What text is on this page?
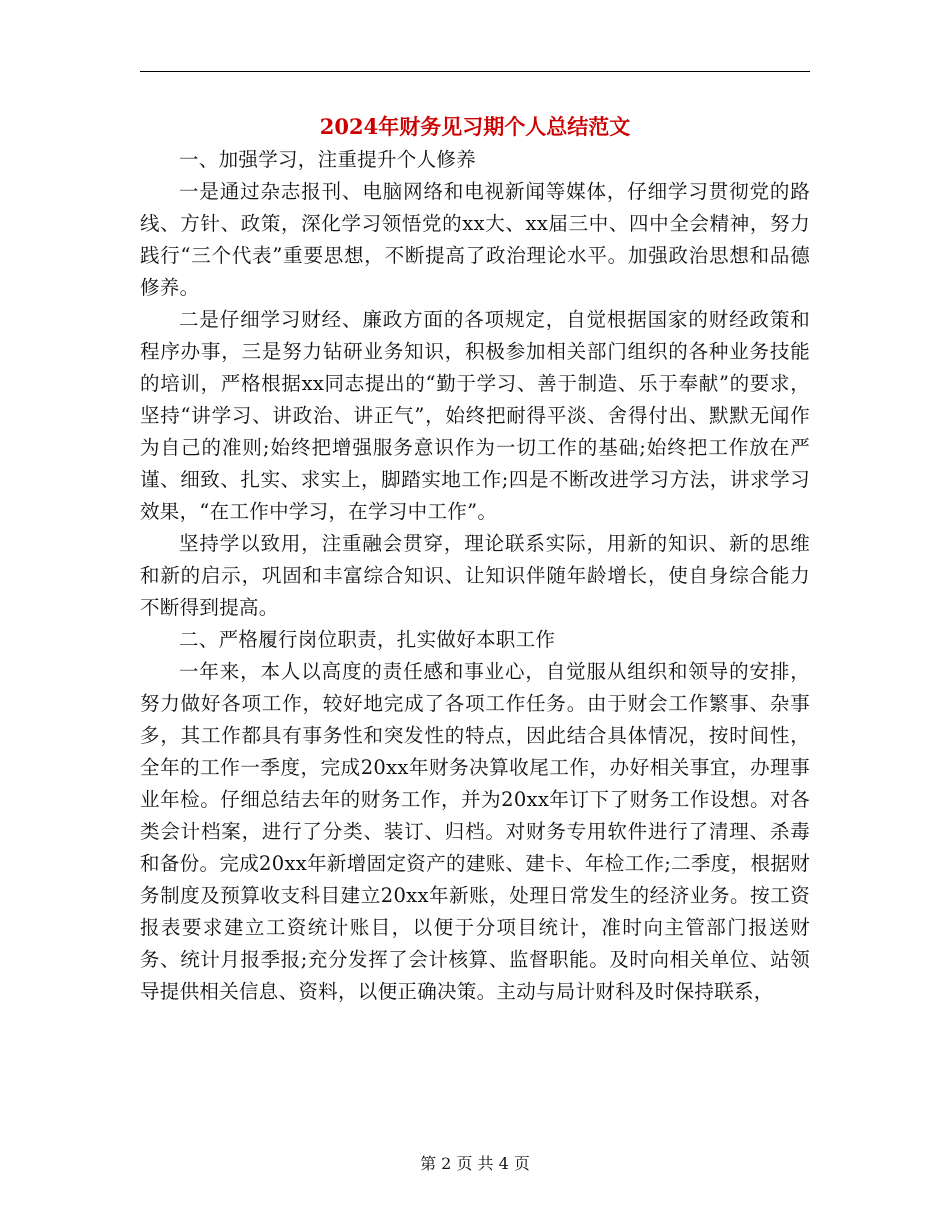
2024年财务见习期个人总结范文

一、加强学习，注重提升个人修养

一是通过杂志报刊、电脑网络和电视新闻等媒体，仔细学习贯彻党的路线、方针、政策，深化学习领悟党的xx大、xx届三中、四中全会精神，努力践行“三个代表”重要思想，不断提高了政治理论水平。加强政治思想和品德修养。

二是仔细学习财经、廉政方面的各项规定，自觉根据国家的财经政策和程序办事，三是努力钻研业务知识，积极参加相关部门组织的各种业务技能的培训，严格根据xx同志提出的“勤于学习、善于制造、乐于奉献”的要求，坚持“讲学习、讲政治、讲正气”，始终把耐得平淡、舍得付出、默默无闻作为自己的准则;始终把增强服务意识作为一切工作的基础;始终把工作放在严谨、细致、扎实、求实上，脚踏实地工作;四是不断改进学习方法，讲求学习效果，“在工作中学习，在学习中工作”。

坚持学以致用，注重融会贯穿，理论联系实际，用新的知识、新的思维和新的启示，巩固和丰富综合知识、让知识伴随年龄增长，使自身综合能力不断得到提高。

二、严格履行岗位职责，扎实做好本职工作

一年来，本人以高度的责任感和事业心，自觉服从组织和领导的安排，努力做好各项工作，较好地完成了各项工作任务。由于财会工作繁事、杂事多，其工作都具有事务性和突发性的特点，因此结合具体情况，按时间性，全年的工作一季度，完成20xx年财务决算收尾工作，办好相关事宜，办理事业年检。仔细总结去年的财务工作，并为20xx年订下了财务工作设想。对各类会计档案，进行了分类、装订、归档。对财务专用软件进行了清理、杀毒和备份。完成20xx年新增固定资产的建账、建卡、年检工作;二季度，根据财务制度及预算收支科目建立20xx年新账，处理日常发生的经济业务。按工资报表要求建立工资统计账目，以便于分项目统计，准时向主管部门报送财务、统计月报季报;充分发挥了会计核算、监督职能。及时向相关单位、站领导提供相关信息、资料，以便正确决策。主动与局计财科及时保持联系，

第 2 页 共 4 页
